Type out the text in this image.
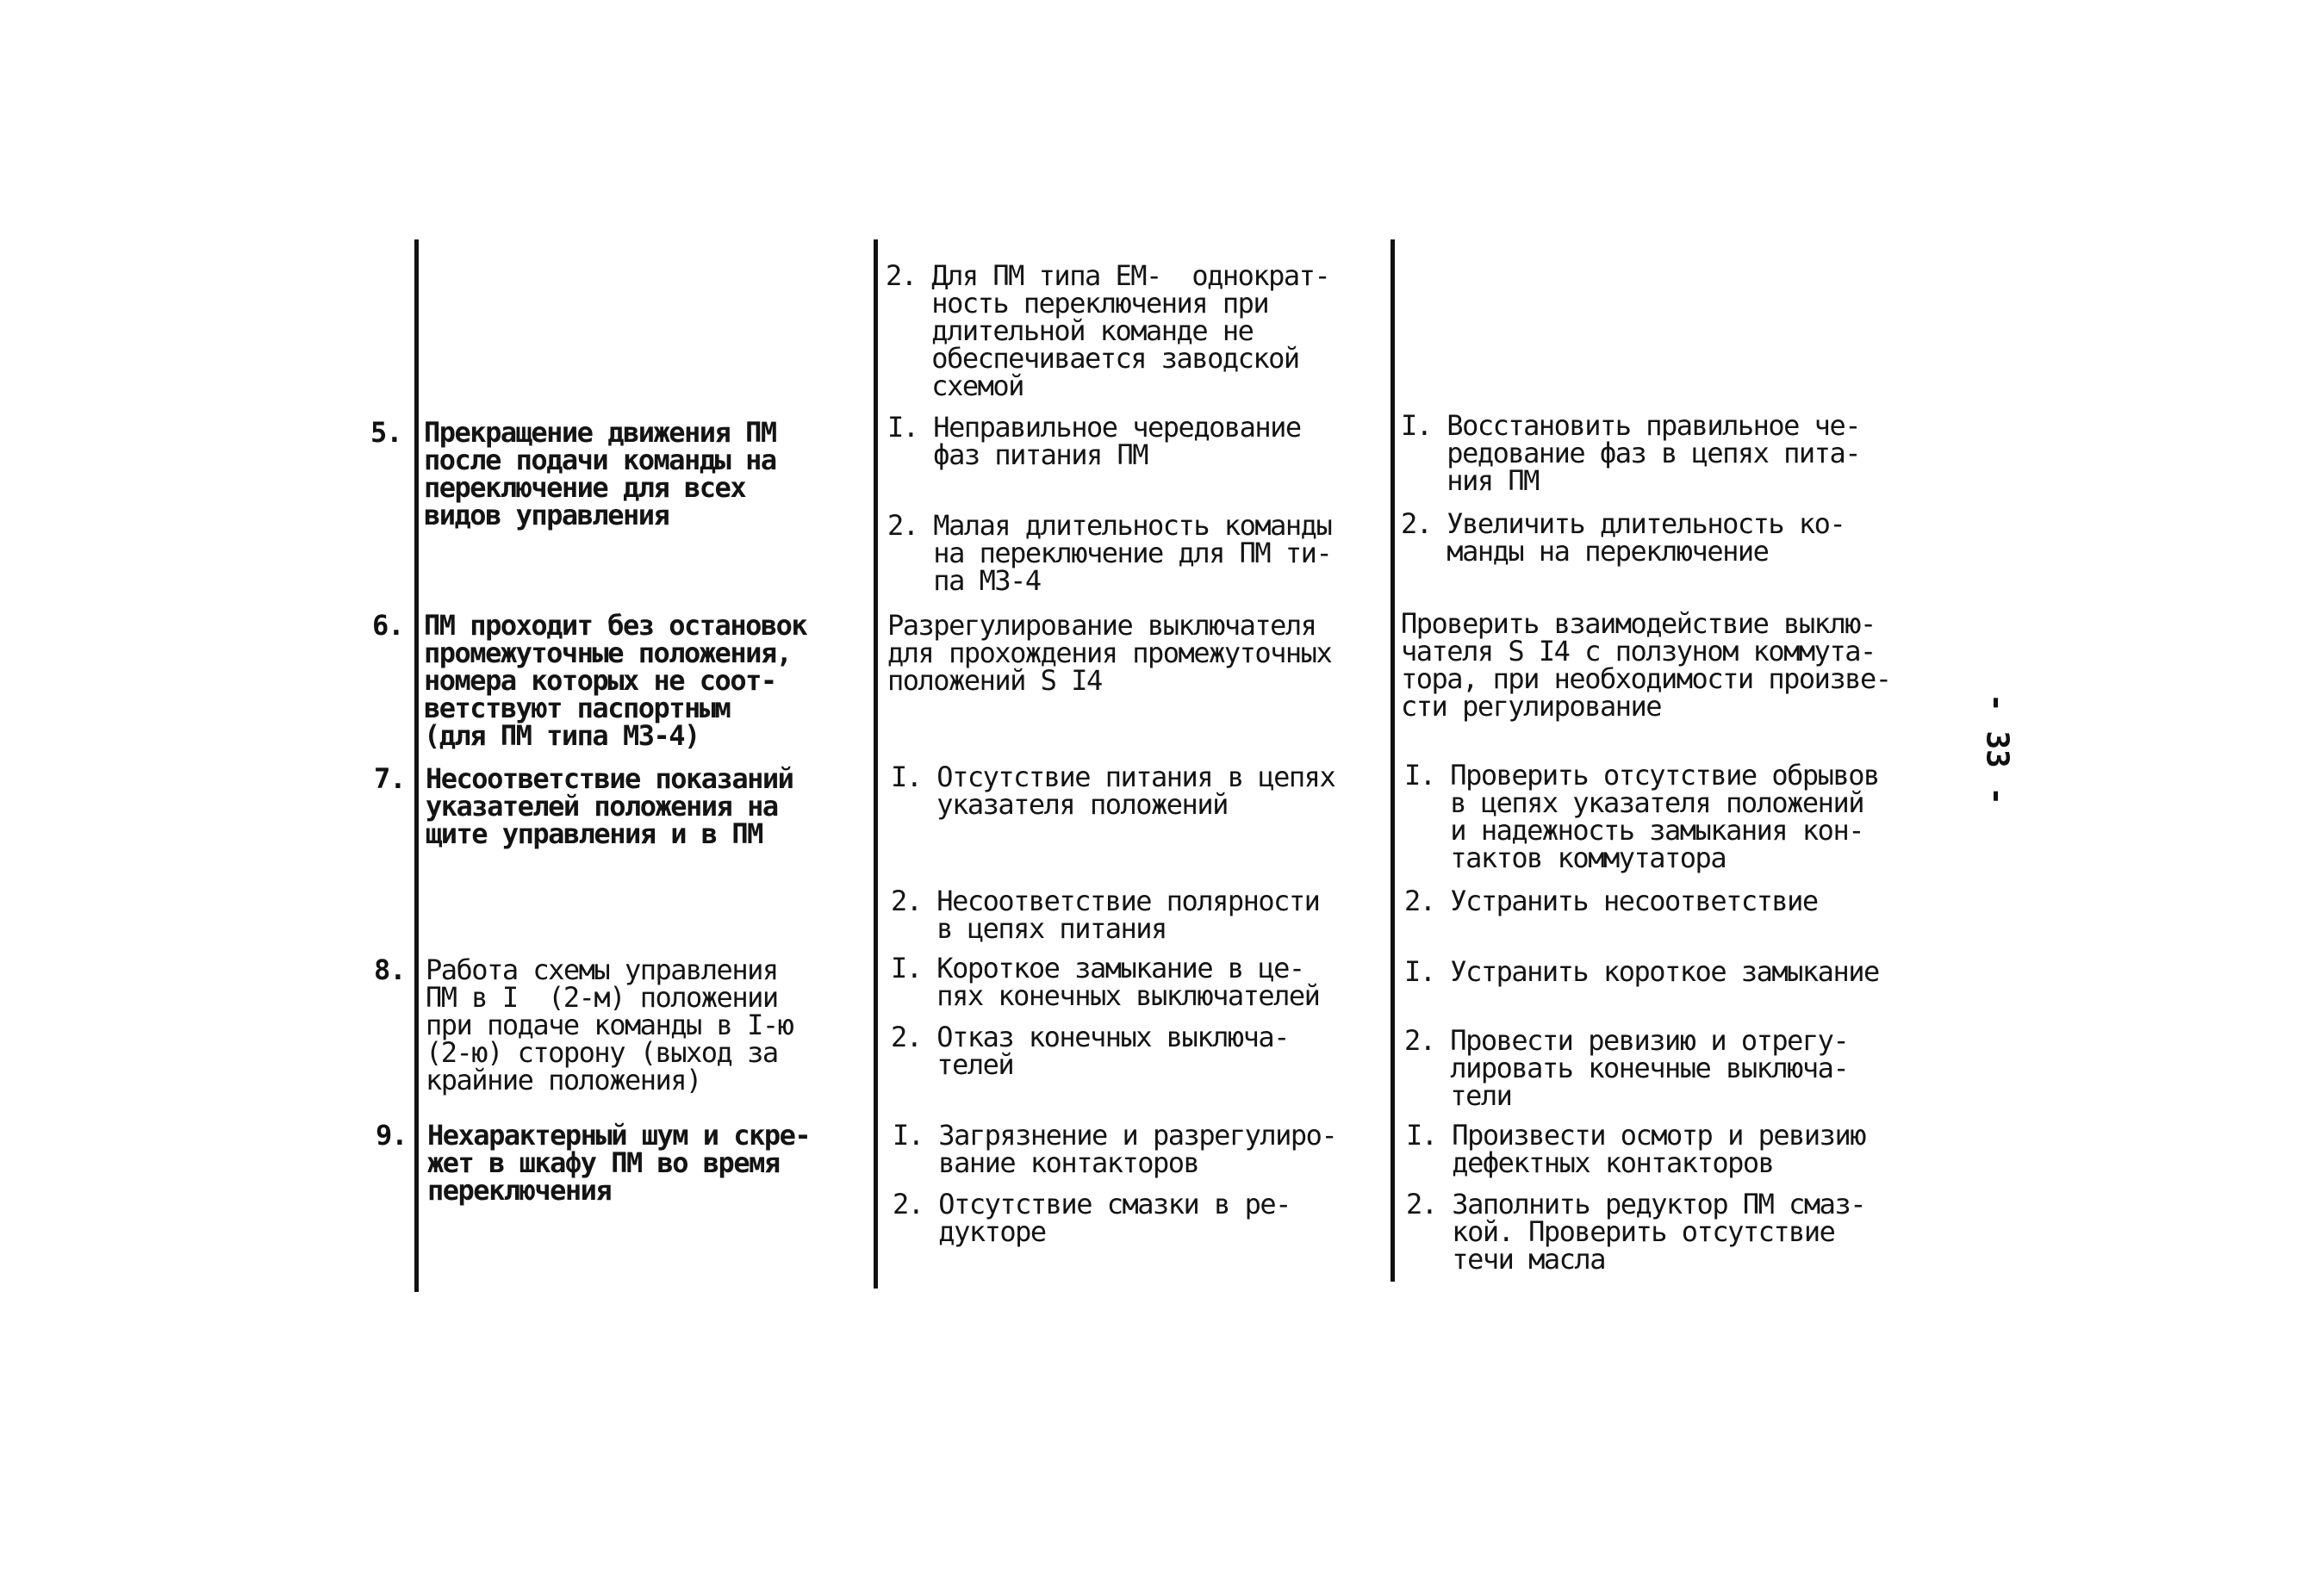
2. Для ПМ типа ЕМ-  однократ-
ность переключения при
длительной команде не
обеспечивается заводской
схемой
5. Прекращение движения ПМ
после подачи команды на
переключение для всех
видов управления
I. Неправильное чередование
фаз питания ПМ
I. Восстановить правильное че-
редование фаз в цепях пита-
ния ПМ
2. Малая длительность команды
на переключение для ПМ ти-
па МЗ-4
2. Увеличить длительность ко-
манды на переключение
6. ПМ проходит без остановок
промежуточные положения,
номера которых не соот-
ветствуют паспортным
(для ПМ типа МЗ-4)
Разрегулирование выключателя
для прохождения промежуточных
положений S I4
Проверить взаимодействие выклю-
чателя S I4 с ползуном коммута-
тора, при необходимости произве-
сти регулирование
7. Несоответствие показаний
указателей положения на
щите управления и в ПМ
I. Отсутствие питания в цепях
указателя положений
I. Проверить отсутствие обрывов
в цепях указателя положений
и надежность замыкания кон-
тактов коммутатора
2. Несоответствие полярности
в цепях питания
2. Устранить несоответствие
8. Работа схемы управления
ПМ в I  (2-м) положении
при подаче команды в I-ю
(2-ю) сторону (выход за
крайние положения)
I. Короткое замыкание в це-
пях конечных выключателей
I. Устранить короткое замыкание
2. Отказ конечных выключа-
телей
2. Провести ревизию и отрегу-
лировать конечные выключа-
тели
9. Нехарактерный шум и скре-
жет в шкафу ПМ во время
переключения
I. Загрязнение и разрегулиро-
вание контакторов
I. Произвести осмотр и ревизию
дефектных контакторов
2. Отсутствие смазки в ре-
дукторе
2. Заполнить редуктор ПМ смаз-
кой. Проверить отсутствие
течи масла
- 33 -
